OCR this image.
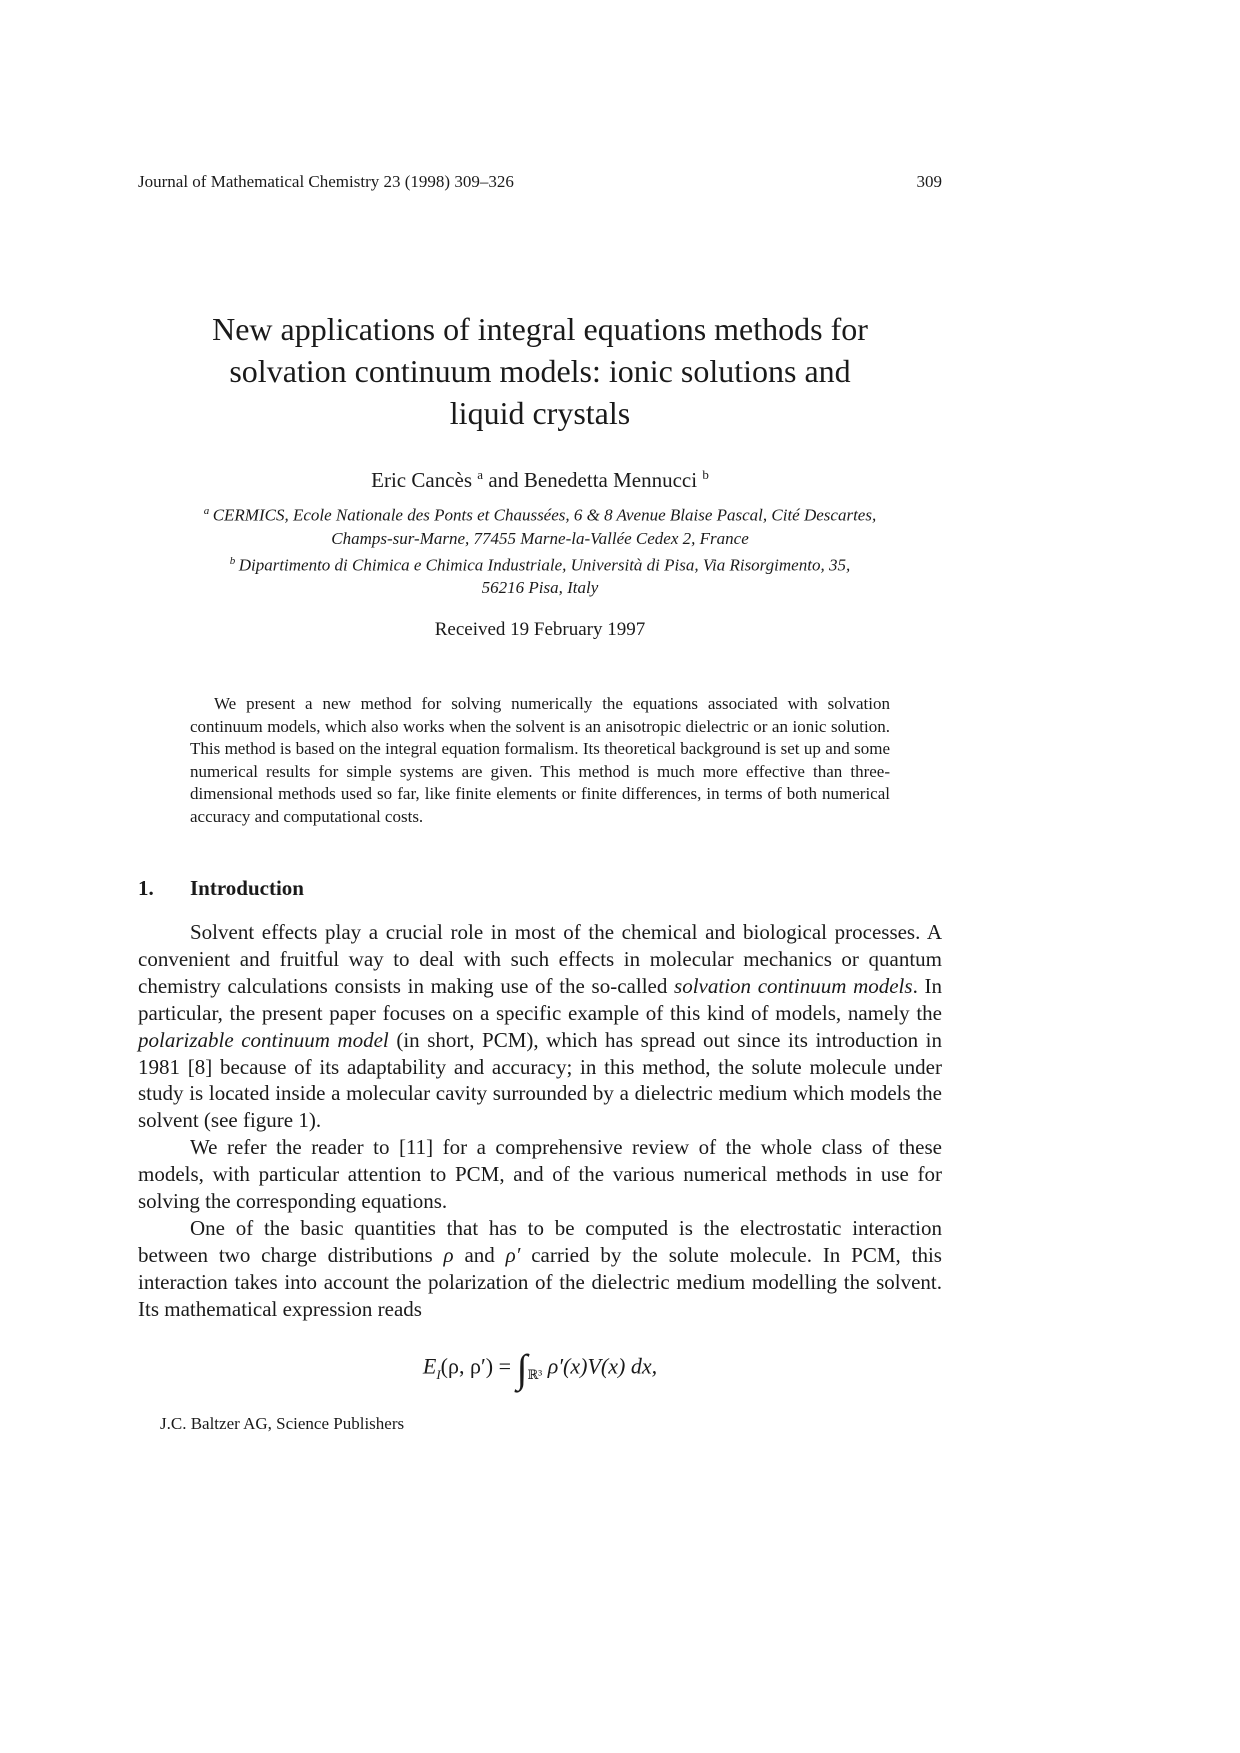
Journal of Mathematical Chemistry 23 (1998) 309–326	309
New applications of integral equations methods for
solvation continuum models: ionic solutions and
liquid crystals
Eric Cancès $^a$ and Benedetta Mennucci $^b$
$^a$  CERMICS, Ecole Nationale des Ponts et Chaussées, 6 & 8 Avenue Blaise Pascal, Cité Descartes,
Champs-sur-Marne, 77455 Marne-la-Vallée Cedex 2, France
$^b$  Dipartimento di Chimica e Chimica Industriale, Università di Pisa, Via Risorgimento, 35,
56216 Pisa, Italy
Received 19 February 1997
We present a new method for solving numerically the equations associated with solvation continuum models, which also works when the solvent is an anisotropic dielectric or an ionic solution. This method is based on the integral equation formalism. Its theoretical background is set up and some numerical results for simple systems are given. This method is much more effective than three-dimensional methods used so far, like finite elements or finite differences, in terms of both numerical accuracy and computational costs.
1. Introduction

Solvent effects play a crucial role in most of the chemical and biological processes. A convenient and fruitful way to deal with such effects in molecular mechanics or quantum chemistry calculations consists in making use of the so-called solvation continuum models. In particular, the present paper focuses on a specific example of this kind of models, namely the polarizable continuum model (in short, PCM), which has spread out since its introduction in 1981 [8] because of its adaptability and accuracy; in this method, the solute molecule under study is located inside a molecular cavity surrounded by a dielectric medium which models the solvent (see figure 1).

We refer the reader to [11] for a comprehensive review of the whole class of these models, with particular attention to PCM, and of the various numerical methods in use for solving the corresponding equations.

One of the basic quantities that has to be computed is the electrostatic interaction between two charge distributions ρ and ρ′ carried by the solute molecule. In PCM, this interaction takes into account the polarization of the dielectric medium modelling the solvent. Its mathematical expression reads

$E_I(\rho$, $\rho') = \int_{ℝ^3}$ ρ′(x)V(x) dx,
J.C. Baltzer AG, Science Publishers
